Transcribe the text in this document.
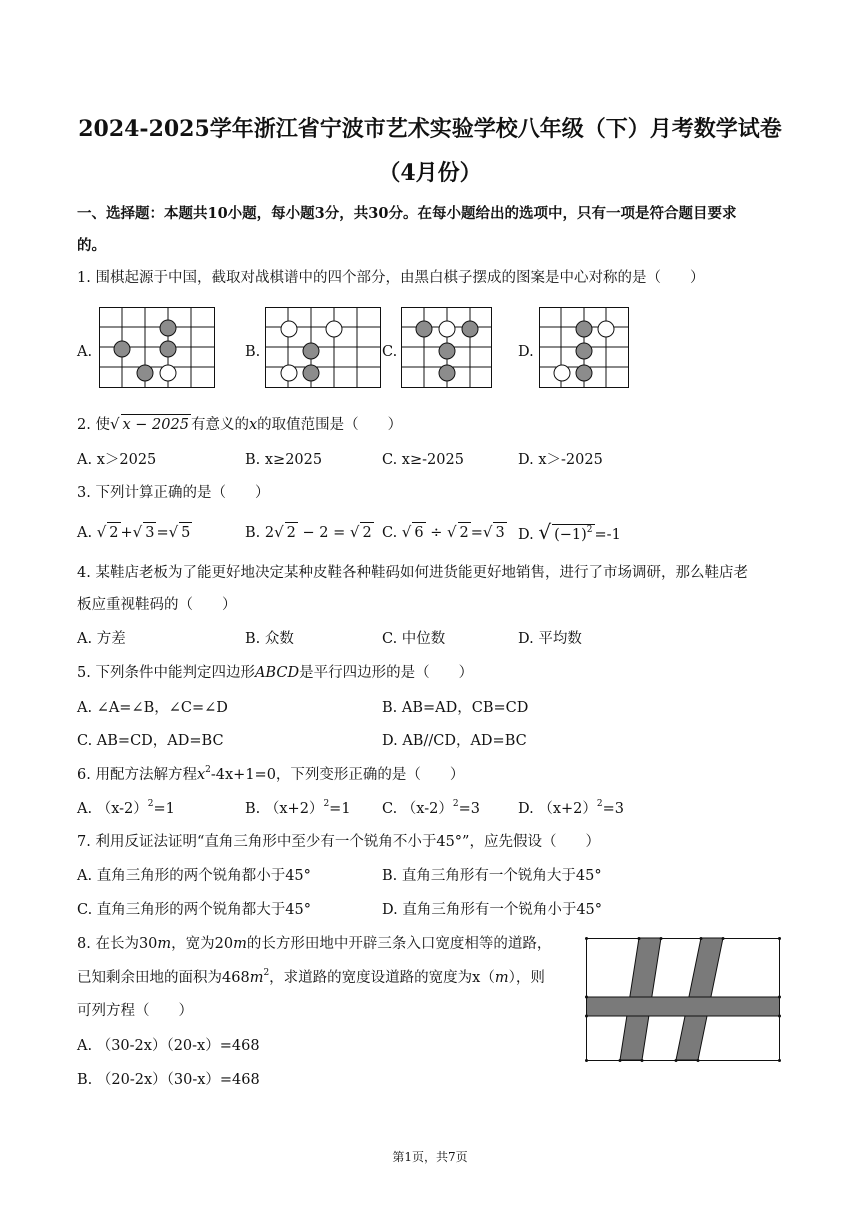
2024-2025学年浙江省宁波市艺术实验学校八年级（下）月考数学试卷
（4月份）
一、选择题：本题共10小题，每小题3分，共30分。在每小题给出的选项中，只有一项是符合题目要求
的。
1. 围棋起源于中国，截取对战棋谱中的四个部分，由黑白棋子摆成的图案是中心对称的是（　　）
A.	B.	C.	D.
2. 使√ x − 2025 有意义的x的取值范围是（　　）
A. x＞2025	B. x≥2025	C. x≥-2025	D. x＞-2025
3. 下列计算正确的是（　　）
A. √ 2 +√ 3 =√ 5	B. 2√ 2 − 2 = √ 2 C. √ 6 ÷ √ 2 =√ 3 D. √ $(-1)^2 =-1$
4. 某鞋店老板为了能更好地决定某种皮鞋各种鞋码如何进货能更好地销售，进行了市场调研，那么鞋店老
板应重视鞋码的（　　）
A. 方差	B. 众数	C. 中位数	D. 平均数
5. 下列条件中能判定四边形ABCD是平行四边形的是（　　）
A. ∠A=∠B，∠C=∠D	B. AB=AD，CB=CD
C. AB=CD，AD=BC	D. AB//CD，AD=BC
6. 用配方法解方程$x^2-4x+1=0$，下列变形正确的是（　　）
A. $(x-2)^2=1$	B. $(x+2)^2=1$ C. $(x-2)^2=3$	D. $(x+2)^2=3$
7. 利用反证法证明“直角三角形中至少有一个锐角不小于45°”，应先假设（　　）
A. 直角三角形的两个锐角都小于45°	B. 直角三角形有一个锐角大于45°
C. 直角三角形的两个锐角都大于45°	D. 直角三角形有一个锐角小于45°
8. 在长为30m，宽为20m的长方形田地中开辟三条入口宽度相等的道路，
已知剩余田地的面积为$468m^2$，求道路的宽度设道路的宽度为x（m），则
可列方程（　　）
A. （30-2x）（20-x）=468
B. （20-2x）（30-x）=468
第1页，共7页
